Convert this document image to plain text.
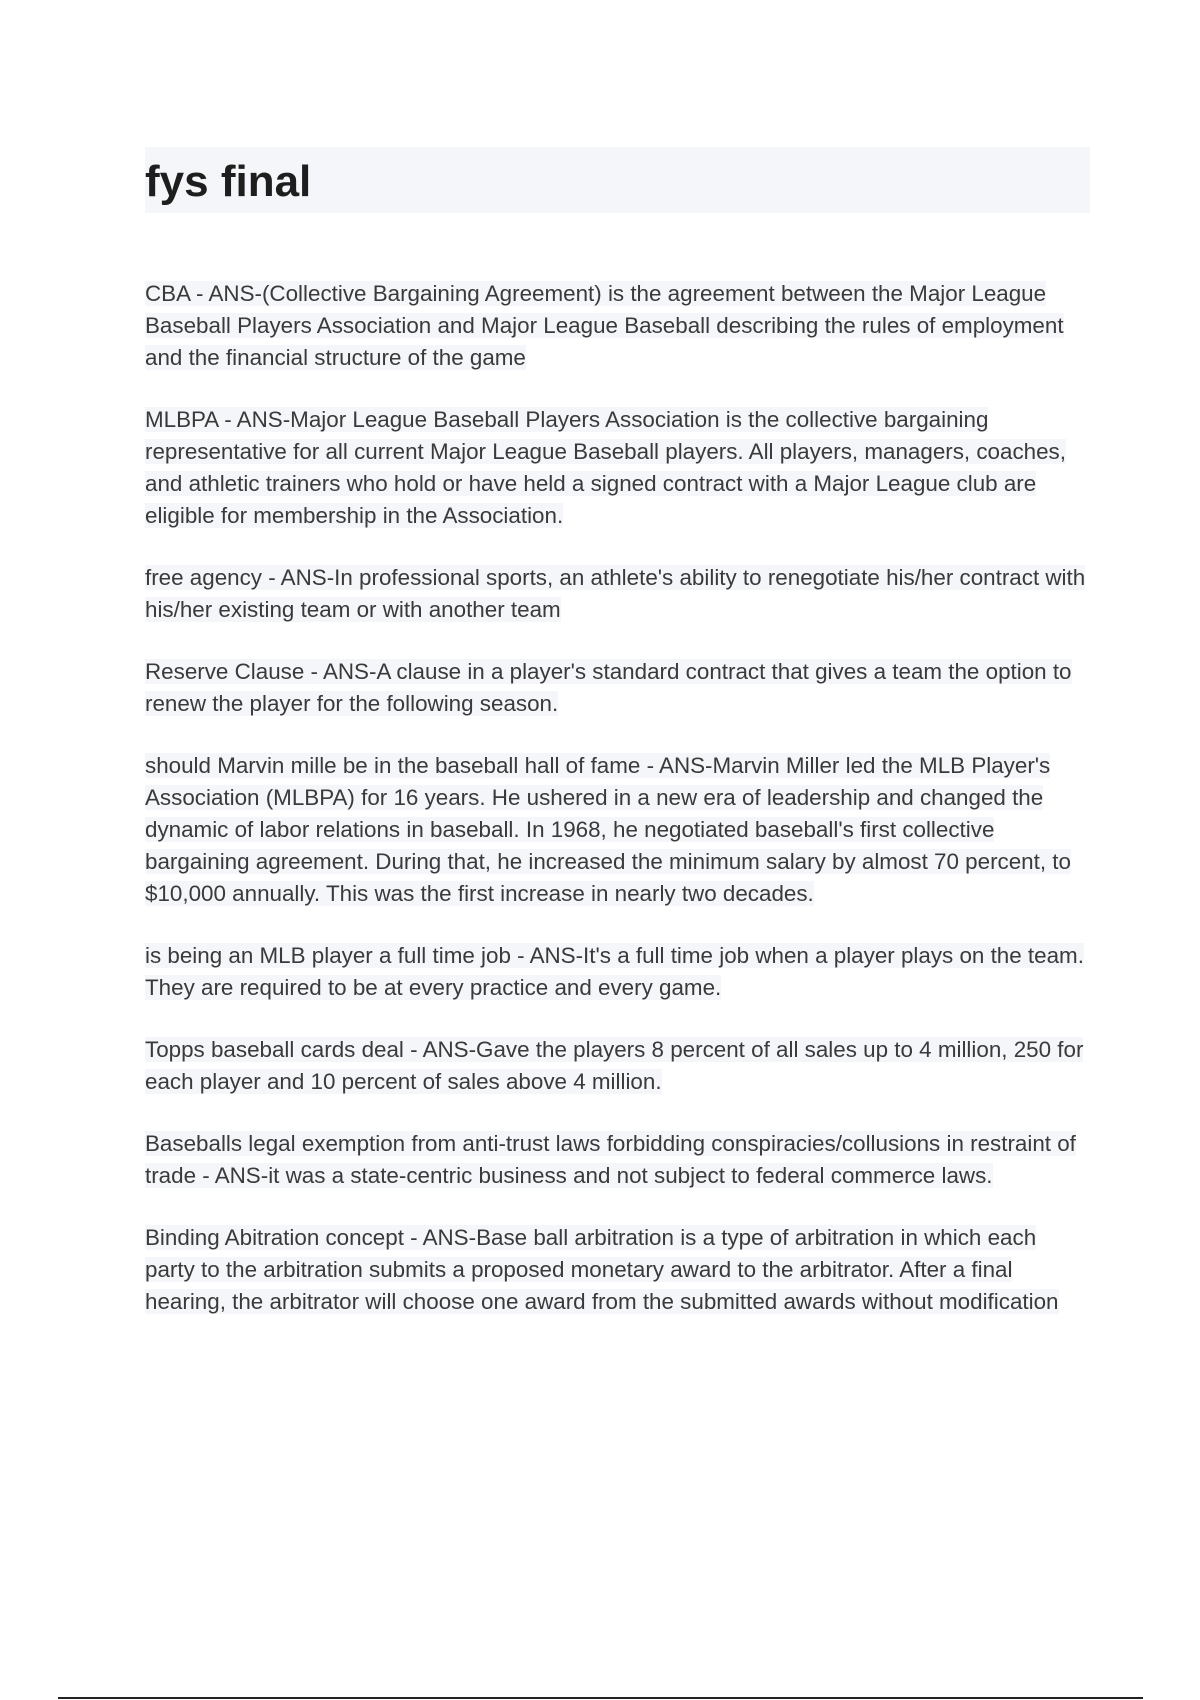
fys final

CBA - ANS-(Collective Bargaining Agreement) is the agreement between the Major League Baseball Players Association and Major League Baseball describing the rules of employment and the financial structure of the game

MLBPA - ANS-Major League Baseball Players Association is the collective bargaining representative for all current Major League Baseball players. All players, managers, coaches, and athletic trainers who hold or have held a signed contract with a Major League club are eligible for membership in the Association.

free agency - ANS-In professional sports, an athlete's ability to renegotiate his/her contract with his/her existing team or with another team

Reserve Clause - ANS-A clause in a player's standard contract that gives a team the option to renew the player for the following season.

should Marvin mille be in the baseball hall of fame - ANS-Marvin Miller led the MLB Player's Association (MLBPA) for 16 years. He ushered in a new era of leadership and changed the dynamic of labor relations in baseball. In 1968, he negotiated baseball's first collective bargaining agreement. During that, he increased the minimum salary by almost 70 percent, to $10,000 annually. This was the first increase in nearly two decades.

is being an MLB player a full time job - ANS-It's a full time job when a player plays on the team. They are required to be at every practice and every game.

Topps baseball cards deal - ANS-Gave the players 8 percent of all sales up to 4 million, 250 for each player and 10 percent of sales above 4 million.

Baseballs legal exemption from anti-trust laws forbidding conspiracies/collusions in restraint of trade - ANS-it was a state-centric business and not subject to federal commerce laws.

Binding Abitration concept - ANS-Base ball arbitration is a type of arbitration in which each party to the arbitration submits a proposed monetary award to the arbitrator. After a final hearing, the arbitrator will choose one award from the submitted awards without modification
